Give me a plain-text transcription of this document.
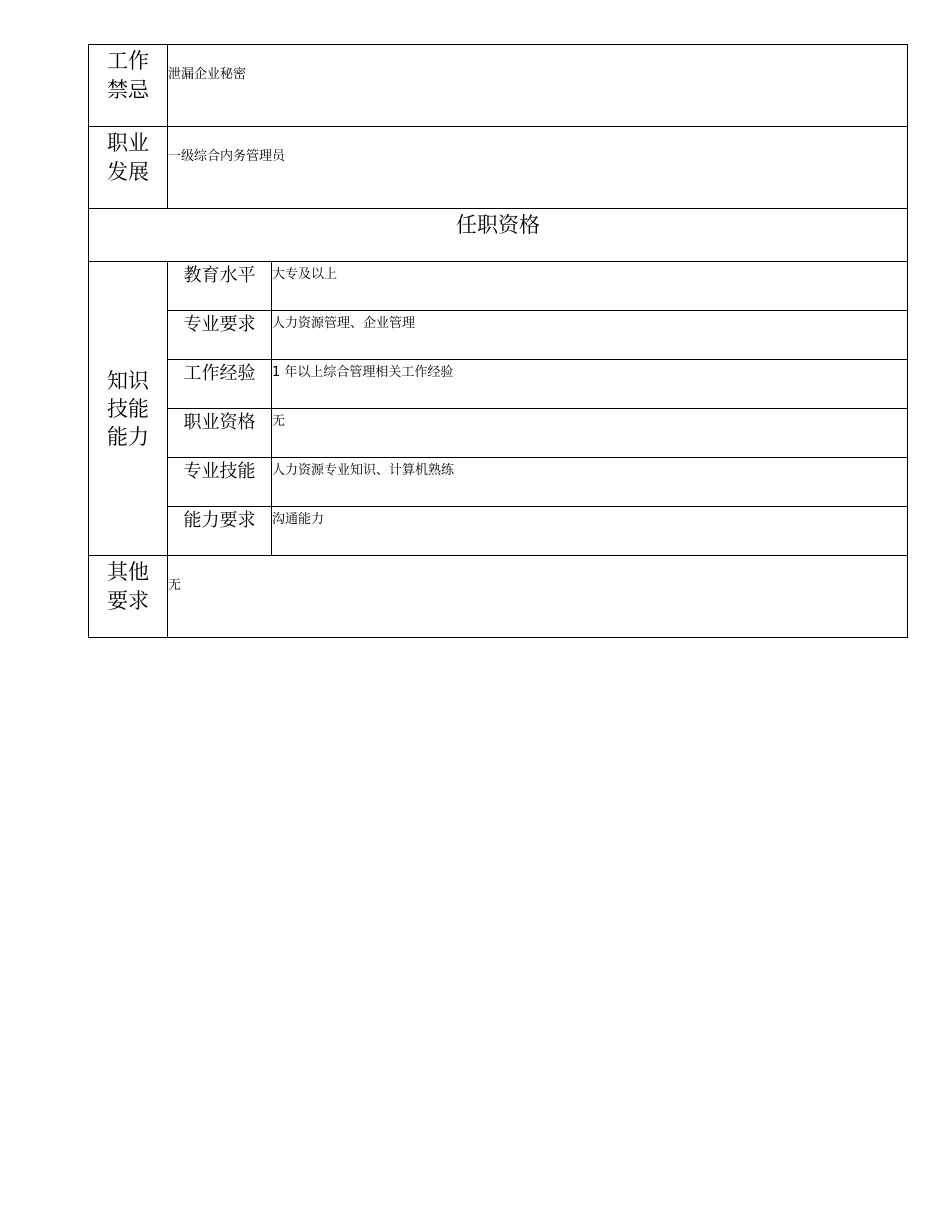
工作
禁忌	泄漏企业秘密	

职业
发展	一级综合内务管理员	
任职资格		

知识
技能
能力	教育水平	大专及以上
	专业要求	人力资源管理、企业管理
	工作经验	1 年以上综合管理相关工作经验
	职业资格	无
	专业技能	人力资源专业知识、计算机熟练
	能力要求	沟通能力

其他
要求	无	
